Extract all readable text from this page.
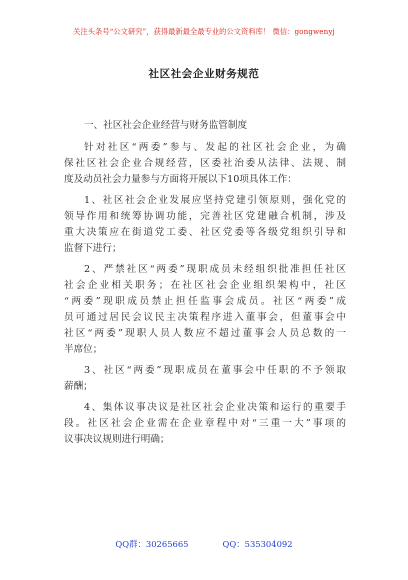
关注头条号“公文研究”，获得最新最全最专业的公文资料库！ 微信：gongwenyj
社区社会企业财务规范
一、社区社会企业经营与财务监管制度
针对社区“两委”参与、发起的社区社会企业，为确
保社区社会企业合规经营，区委社治委从法律、法规、制
度及动员社会力量参与方面将开展以下10项具体工作：
1、社区社会企业发展应坚持党建引领原则，强化党的
领导作用和统筹协调功能，完善社区党建融合机制，涉及
重大决策应在街道党工委、社区党委等各级党组织引导和
监督下进行；
2、严禁社区“两委”现职成员未经组织批准担任社区
社会企业相关职务；在社区社会企业组织架构中，社区
“两委”现职成员禁止担任监事会成员。社区“两委”成
员可通过居民会议民主决策程序进入董事会，但董事会中
社区“两委”现职人员人数应不超过董事会人员总数的一
半席位；
3、社区“两委”现职成员在董事会中任职的不予领取
薪酬；
4、集体议事决议是社区社会企业决策和运行的重要手
段。社区社会企业需在企业章程中对“三重一大”事项的
议事决议规则进行明确；
QQ群：30265665	QQ：535304092
